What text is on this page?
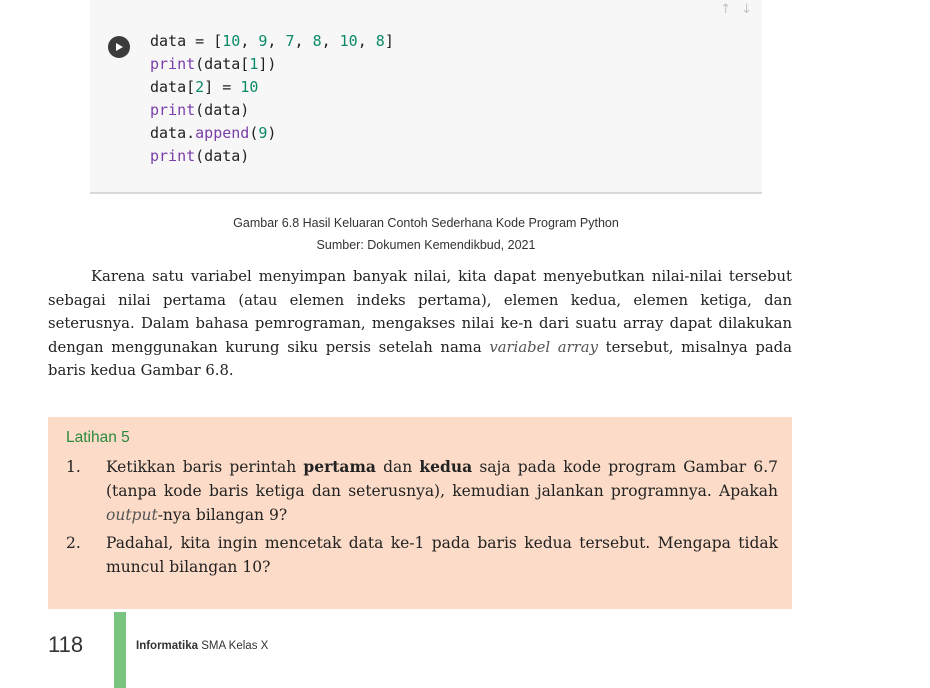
↑ ↓
data = [10, 9, 7, 8, 10, 8]
print(data[1])
data[2] = 10
print(data)
data.append(9)
print(data)
Gambar 6.8 Hasil Keluaran Contoh Sederhana Kode Program Python
Sumber: Dokumen Kemendikbud, 2021

Karena satu variabel menyimpan banyak nilai, kita dapat menyebutkan nilai-nilai tersebut sebagai nilai pertama (atau elemen indeks pertama), elemen kedua, elemen ketiga, dan seterusnya. Dalam bahasa pemrograman, mengakses nilai ke-n dari suatu array dapat dilakukan dengan menggunakan kurung siku persis setelah nama variabel array tersebut, misalnya pada baris kedua Gambar 6.8.

Latihan 5
1. Ketikkan baris perintah pertama dan kedua saja pada kode program Gambar 6.7 (tanpa kode baris ketiga dan seterusnya), kemudian jalankan programnya. Apakah output-nya bilangan 9?

2. Padahal, kita ingin mencetak data ke-1 pada baris kedua tersebut. Mengapa tidak muncul bilangan 10?

118	Informatika SMA Kelas X
